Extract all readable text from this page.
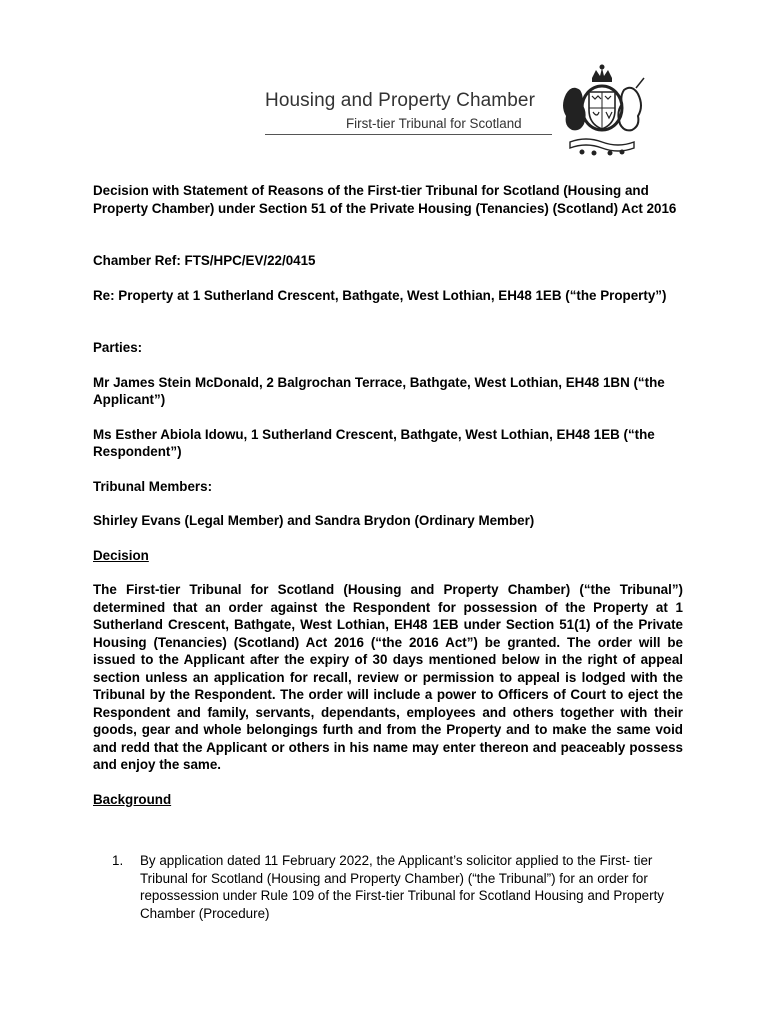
Housing and Property Chamber
First-tier Tribunal for Scotland

Decision with Statement of Reasons of the First-tier Tribunal for Scotland (Housing and Property Chamber) under Section 51 of the Private Housing (Tenancies) (Scotland) Act 2016

Chamber Ref: FTS/HPC/EV/22/0415

Re: Property at 1 Sutherland Crescent, Bathgate, West Lothian, EH48 1EB (“the Property”)

Parties:

Mr James Stein McDonald, 2 Balgrochan Terrace, Bathgate, West Lothian, EH48 1BN (“the Applicant”)

Ms Esther Abiola Idowu, 1 Sutherland Crescent, Bathgate, West Lothian, EH48 1EB (“the Respondent”)

Tribunal Members:

Shirley Evans (Legal Member) and Sandra Brydon (Ordinary Member)

Decision

The First-tier Tribunal for Scotland (Housing and Property Chamber) (“the Tribunal”) determined that an order against the Respondent for possession of the Property at 1 Sutherland Crescent, Bathgate, West Lothian, EH48 1EB under Section 51(1) of the Private Housing (Tenancies) (Scotland) Act 2016 (“the 2016 Act”) be granted. The order will be issued to the Applicant after the expiry of 30 days mentioned below in the right of appeal section unless an application for recall, review or permission to appeal is lodged with the Tribunal by the Respondent. The order will include a power to Officers of Court to eject the Respondent and family, servants, dependants, employees and others together with their goods, gear and whole belongings furth and from the Property and to make the same void and redd that the Applicant or others in his name may enter thereon and peaceably possess and enjoy the same.

Background

1.	By application dated 11 February 2022, the Applicant’s solicitor applied to the First- tier Tribunal for Scotland (Housing and Property Chamber) (“the Tribunal”) for an order for repossession under Rule 109 of the First-tier Tribunal for Scotland Housing and Property Chamber (Procedure)
